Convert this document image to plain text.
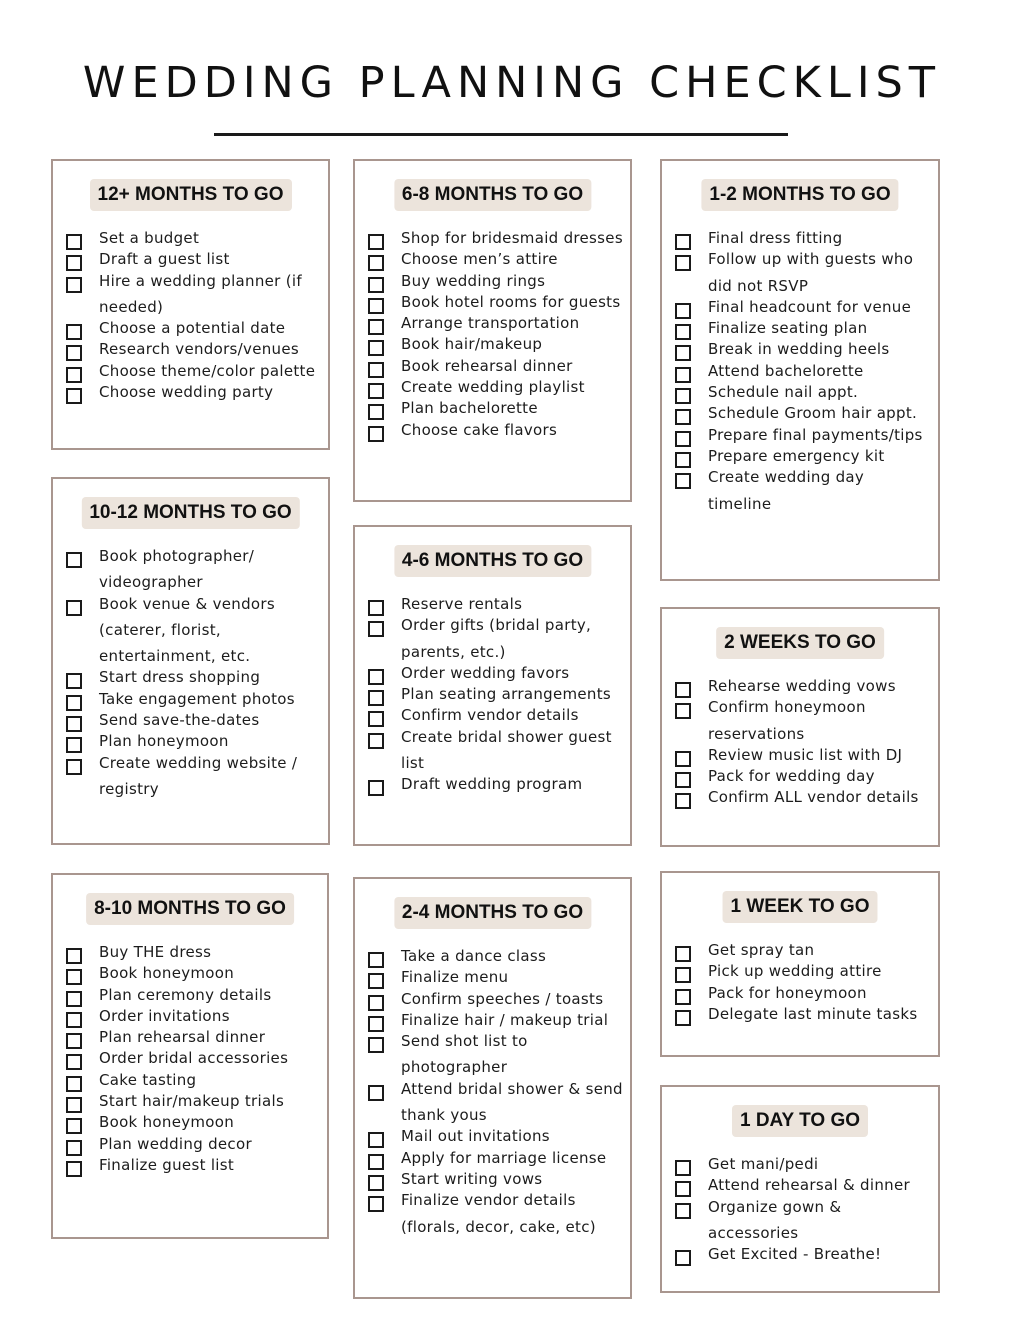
WEDDING PLANNING CHECKLIST
12+ MONTHS TO GO
Set a budget
Draft a guest list
Hire a wedding planner (if
needed)
Choose a potential date
Research vendors/venues
Choose theme/color palette
Choose wedding party
10-12 MONTHS TO GO
Book photographer/
videographer
Book venue & vendors
(caterer, florist,
entertainment, etc.
Start dress shopping
Take engagement photos
Send save-the-dates
Plan honeymoon
Create wedding website /
registry
8-10 MONTHS TO GO
Buy THE dress
Book honeymoon
Plan ceremony details
Order invitations
Plan rehearsal dinner
Order bridal accessories
Cake tasting
Start hair/makeup trials
Book honeymoon
Plan wedding decor
Finalize guest list
6-8 MONTHS TO GO
Shop for bridesmaid dresses
Choose men’s attire
Buy wedding rings
Book hotel rooms for guests
Arrange transportation
Book hair/makeup
Book rehearsal dinner
Create wedding playlist
Plan bachelorette
Choose cake flavors
4-6 MONTHS TO GO
Reserve rentals
Order gifts (bridal party,
parents, etc.)
Order wedding favors
Plan seating arrangements
Confirm vendor details
Create bridal shower guest
list
Draft wedding program
2-4 MONTHS TO GO
Take a dance class
Finalize menu
Confirm speeches / toasts
Finalize hair / makeup trial
Send shot list to
photographer
Attend bridal shower & send
thank yous
Mail out invitations
Apply for marriage license
Start writing vows
Finalize vendor details
(florals, decor, cake, etc)
1-2 MONTHS TO GO
Final dress fitting
Follow up with guests who
did not RSVP
Final headcount for venue
Finalize seating plan
Break in wedding heels
Attend bachelorette
Schedule nail appt.
Schedule Groom hair appt.
Prepare final payments/tips
Prepare emergency kit
Create wedding day
timeline
2 WEEKS TO GO
Rehearse wedding vows
Confirm honeymoon
reservations
Review music list with DJ
Pack for wedding day
Confirm ALL vendor details
1 WEEK TO GO
Get spray tan
Pick up wedding attire
Pack for honeymoon
Delegate last minute tasks
1 DAY TO GO
Get mani/pedi
Attend rehearsal & dinner
Organize gown &
accessories
Get Excited - Breathe!
